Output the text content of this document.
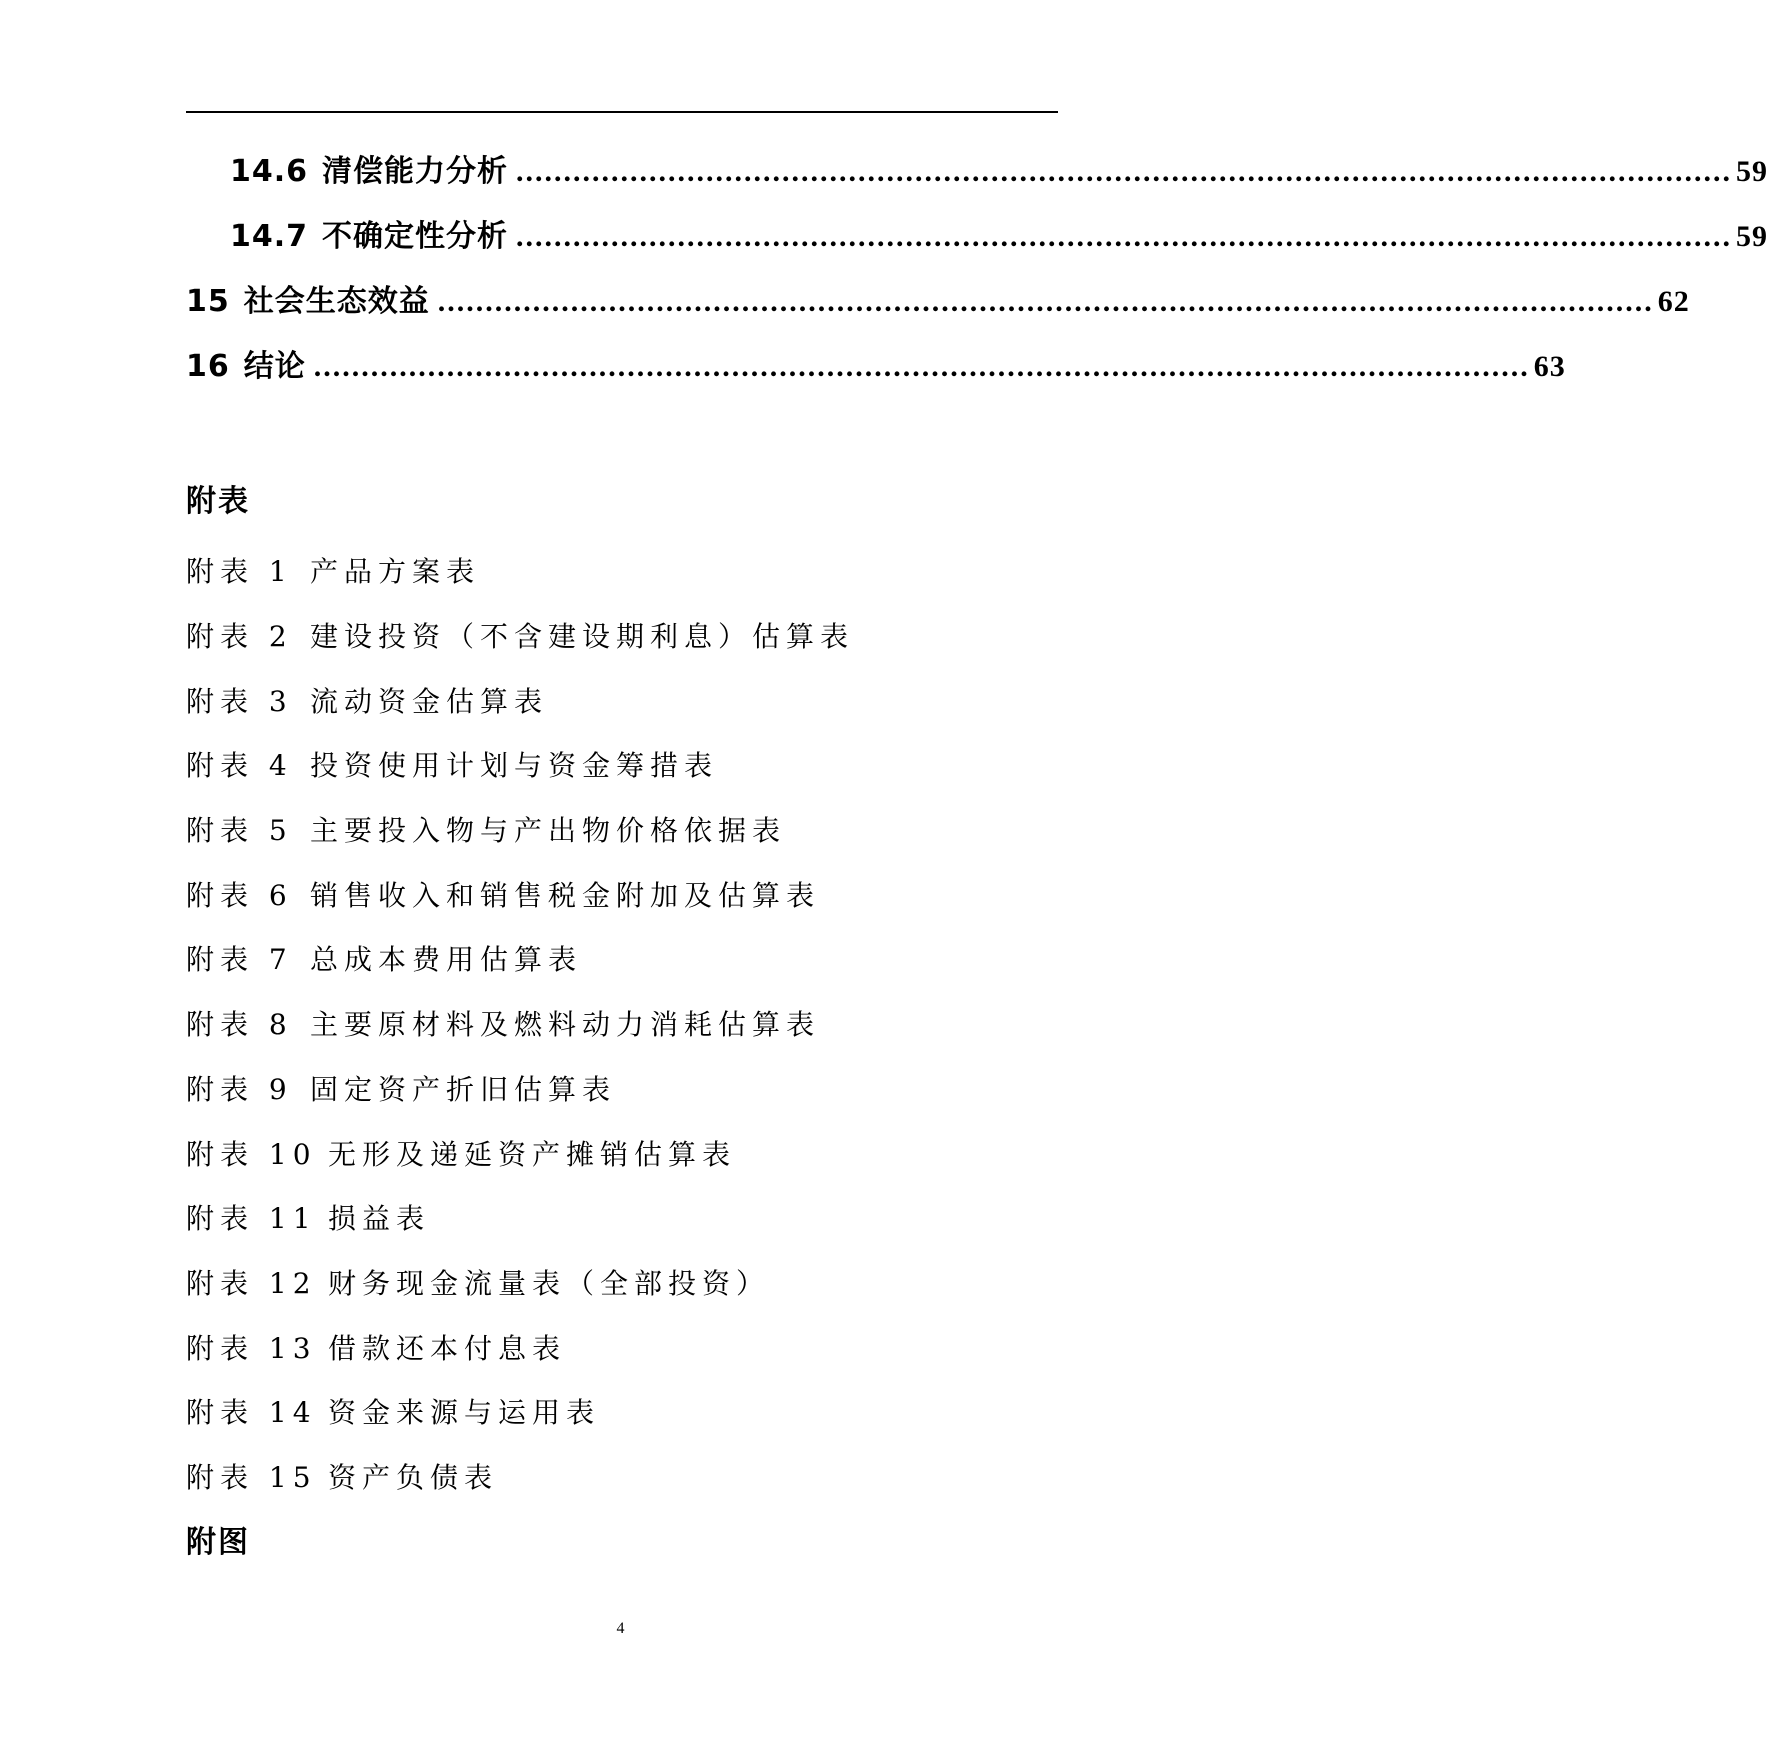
14.6 清偿能力分析 ................................................................................................................................ 59
14.7 不确定性分析 ................................................................................................................................ 59
15 社会生态效益 ................................................................................................................................ 62
16 结论 ................................................................................................................................ 63
附表
附表 1 产品方案表
附表 2 建设投资（不含建设期利息）估算表
附表 3 流动资金估算表
附表 4 投资使用计划与资金筹措表
附表 5 主要投入物与产出物价格依据表
附表 6 销售收入和销售税金附加及估算表
附表 7 总成本费用估算表
附表 8 主要原材料及燃料动力消耗估算表
附表 9 固定资产折旧估算表
附表 10 无形及递延资产摊销估算表
附表 11 损益表
附表 12 财务现金流量表（全部投资）
附表 13 借款还本付息表
附表 14 资金来源与运用表
附表 15 资产负债表
附图
4
